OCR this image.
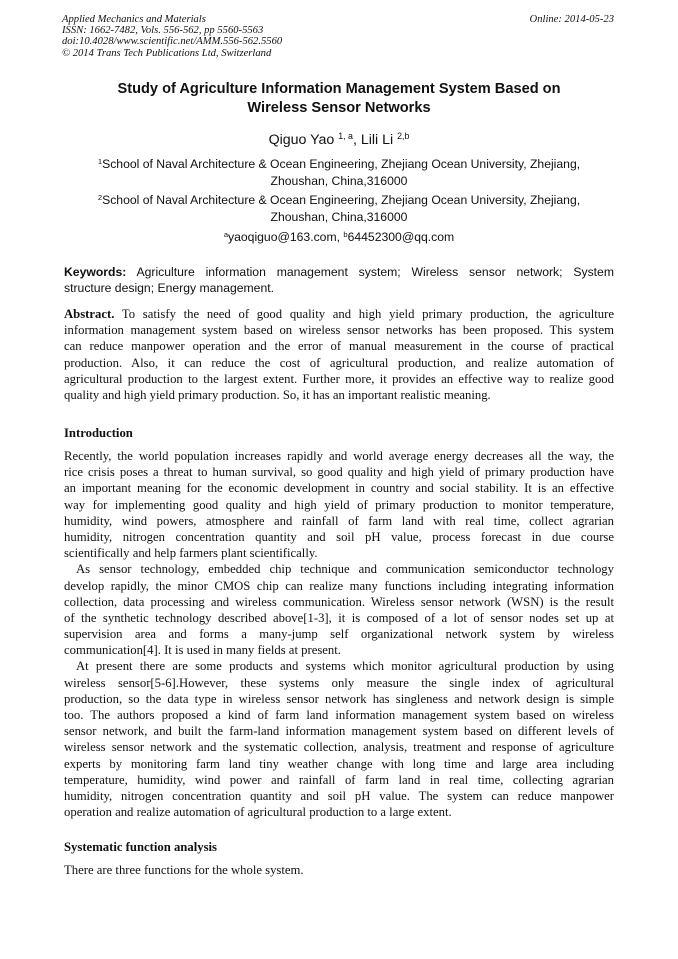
Applied Mechanics and Materials
ISSN: 1662-7482, Vols. 556-562, pp 5560-5563
doi:10.4028/www.scientific.net/AMM.556-562.5560
© 2014 Trans Tech Publications Ltd, Switzerland
Online: 2014-05-23
Study of Agriculture Information Management System Based on
Wireless Sensor Networks
Qiguo Yao $^{1, a}$, Lili Li $^{2,b}$
$^1$School of Naval Architecture & Ocean Engineering, Zhejiang Ocean University, Zhejiang,
Zhoushan, China,316000
$^2$School of Naval Architecture & Ocean Engineering, Zhejiang Ocean University, Zhejiang,
Zhoushan, China,316000
$^a$yaoqiguo@163.com, $^b$64452300@qq.com
Keywords: Agriculture information management system; Wireless sensor network; System
structure design; Energy management.
Abstract. To satisfy the need of good quality and high yield primary production, the agriculture
information management system based on wireless sensor networks has been proposed. This system
can reduce manpower operation and the error of manual measurement in the course of practical
production. Also, it can reduce the cost of agricultural production, and realize automation of
agricultural production to the largest extent. Further more, it provides an effective way to realize good
quality and high yield primary production. So, it has an important realistic meaning.
Introduction
Recently, the world population increases rapidly and world average energy decreases all the way, the
rice crisis poses a threat to human survival, so good quality and high yield of primary production have
an important meaning for the economic development in country and social stability. It is an effective
way for implementing good quality and high yield of primary production to monitor temperature,
humidity, wind powers, atmosphere and rainfall of farm land with real time, collect agrarian
humidity, nitrogen concentration quantity and soil pH value, process forecast in due course
scientifically and help farmers plant scientifically.
As sensor technology, embedded chip technique and communication semiconductor technology
develop rapidly, the minor CMOS chip can realize many functions including integrating information
collection, data processing and wireless communication. Wireless sensor network (WSN) is the result
of the synthetic technology described above[1-3], it is composed of a lot of sensor nodes set up at
supervision area and forms a many-jump self organizational network system by wireless
communication[4]. It is used in many fields at present.
At present there are some products and systems which monitor agricultural production by using
wireless sensor[5-6].However, these systems only measure the single index of agricultural
production, so the data type in wireless sensor network has singleness and network design is simple
too. The authors proposed a kind of farm land information management system based on wireless
sensor network, and built the farm-land information management system based on different levels of
wireless sensor network and the systematic collection, analysis, treatment and response of agriculture
experts by monitoring farm land tiny weather change with long time and large area including
temperature, humidity, wind power and rainfall of farm land in real time, collecting agrarian
humidity, nitrogen concentration quantity and soil pH value. The system can reduce manpower
operation and realize automation of agricultural production to a large extent.
Systematic function analysis
There are three functions for the whole system.
